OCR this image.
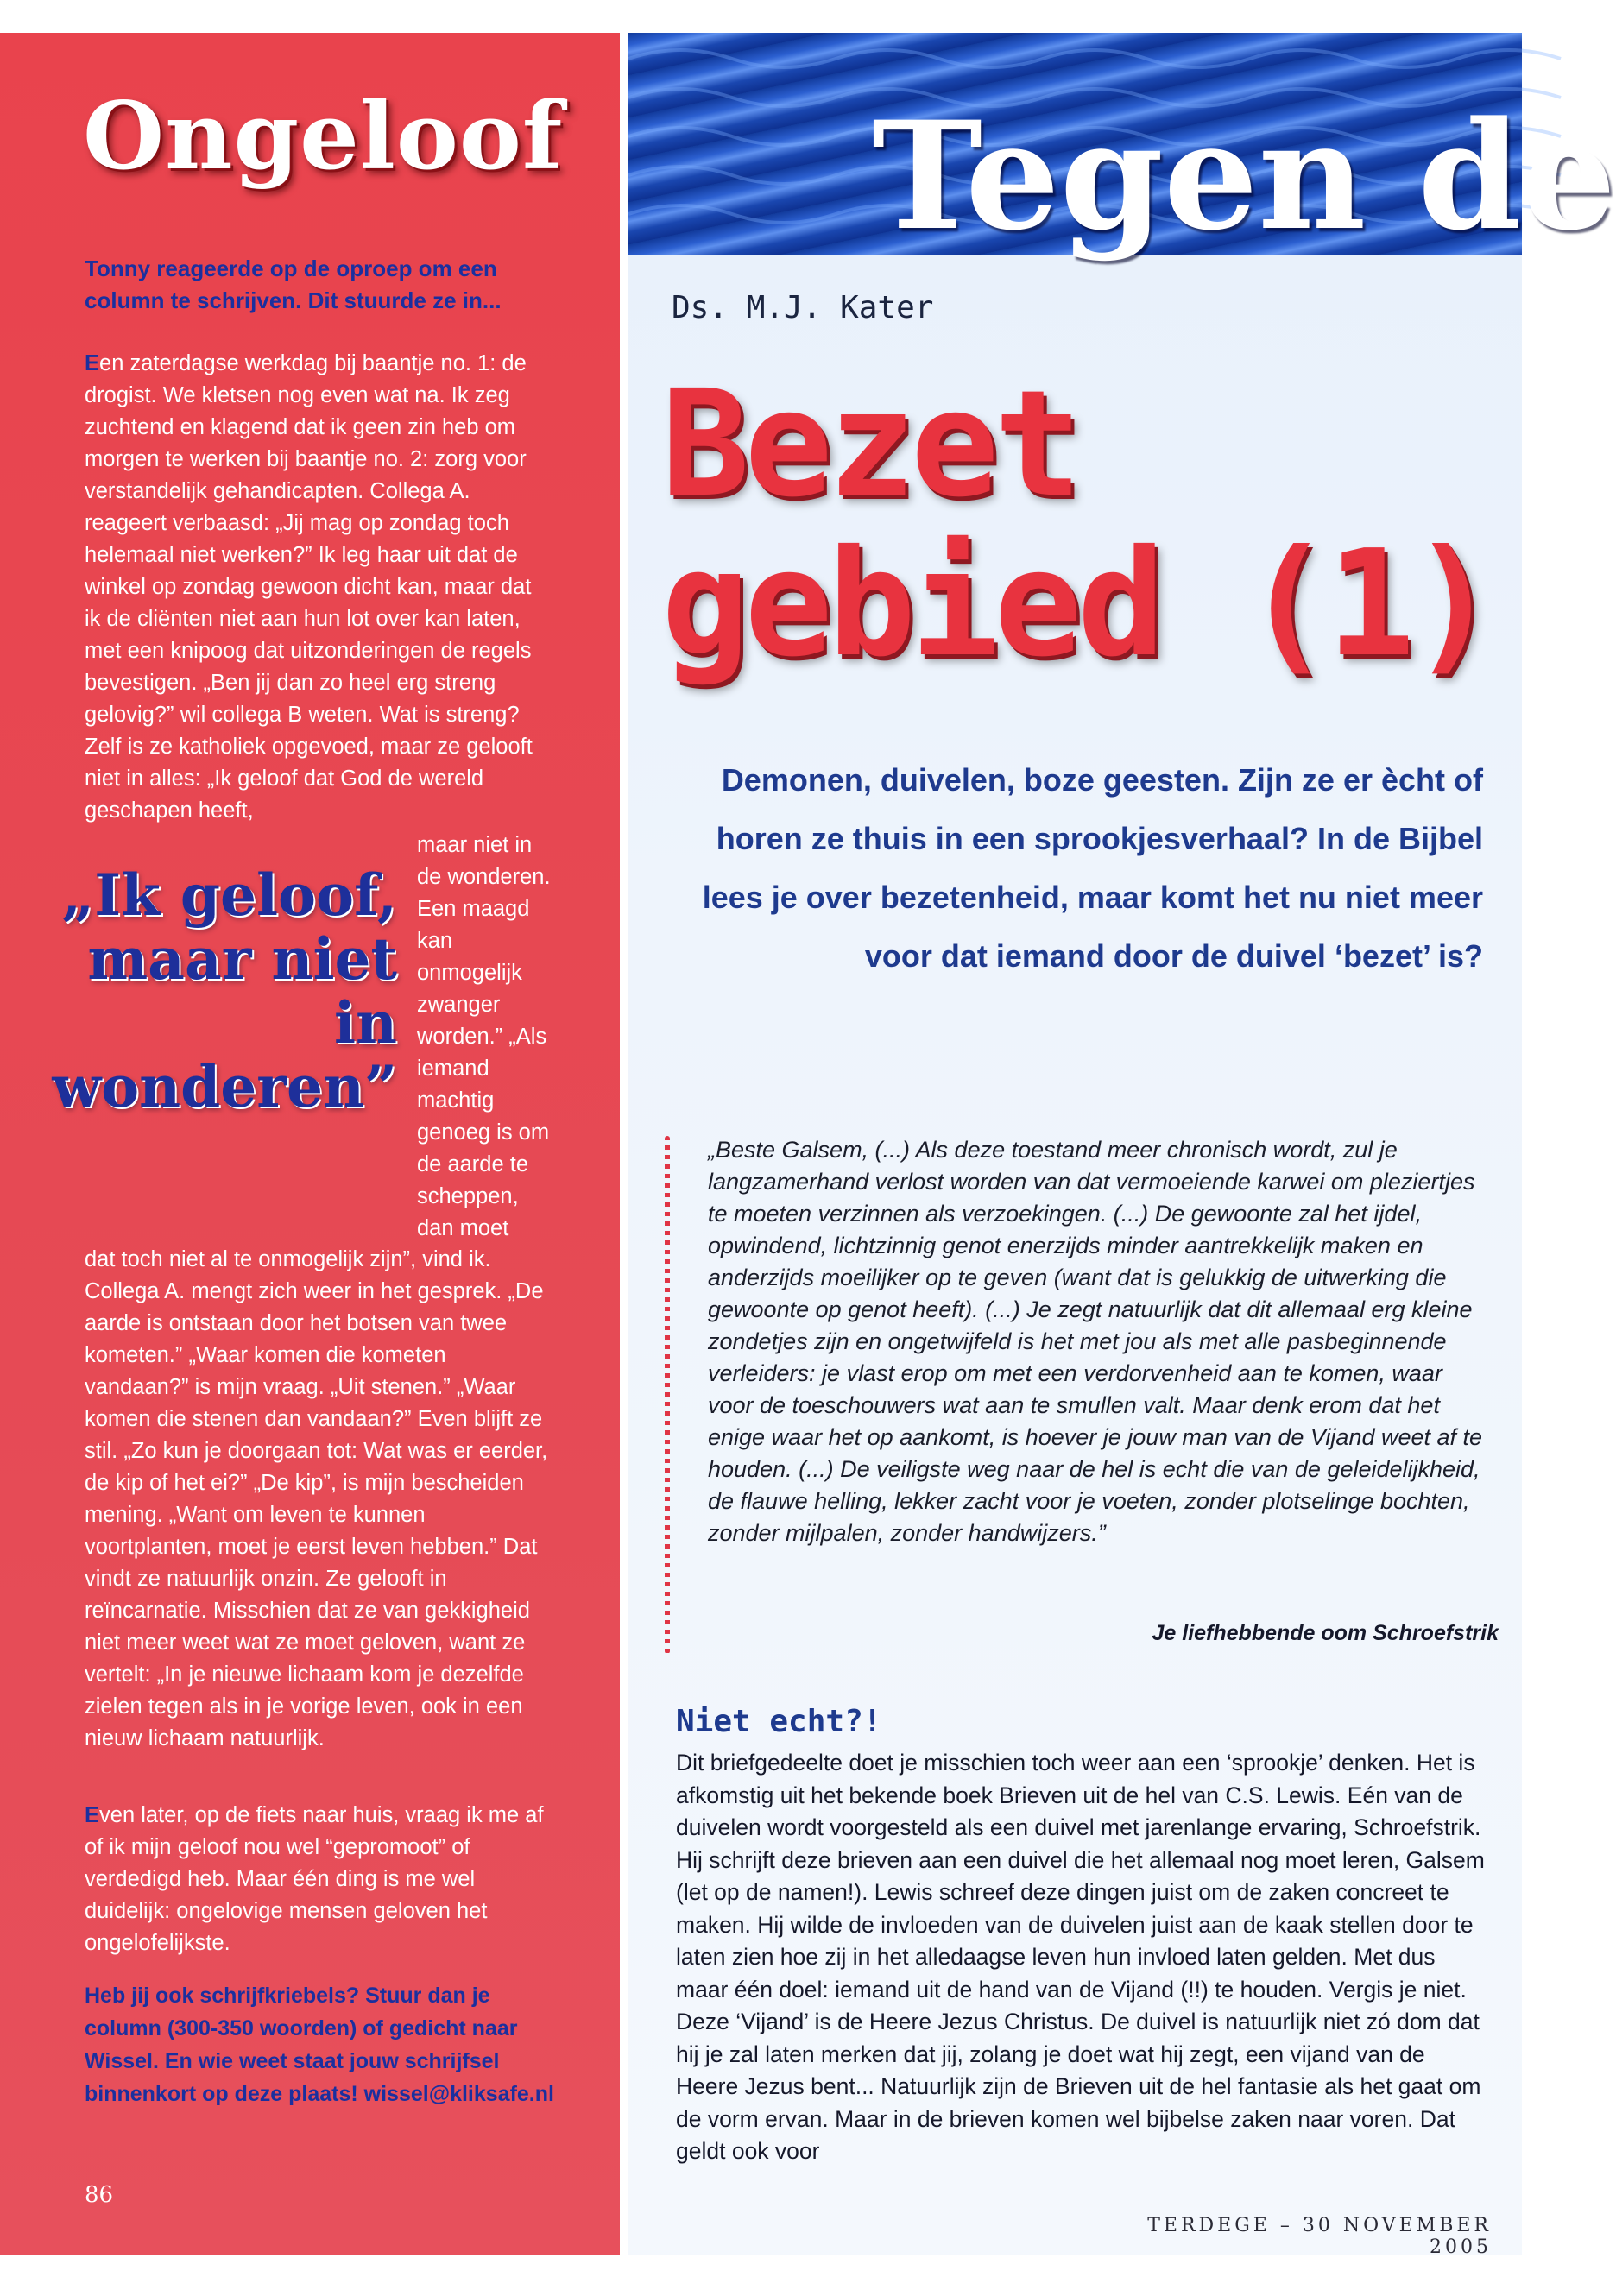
Ongeloof

Tonny reageerde op de oproep om een column te schrijven. Dit stuurde ze in...

Een zaterdagse werkdag bij baantje no. 1: de drogist. We kletsen nog even wat na. Ik zeg zuchtend en klagend dat ik geen zin heb om morgen te werken bij baantje no. 2: zorg voor verstandelijk gehandicapten. Collega A. reageert verbaasd: „Jij mag op zondag toch helemaal niet werken?” Ik leg haar uit dat de winkel op zondag gewoon dicht kan, maar dat ik de cliënten niet aan hun lot over kan laten, met een knipoog dat uitzonderingen de regels bevestigen. „Ben jij dan zo heel erg streng gelovig?” wil collega B weten. Wat is streng? Zelf is ze katholiek opgevoed, maar ze gelooft niet in alles: „Ik geloof dat God de wereld geschapen heeft,

maar niet in de wonderen. Een maagd kan onmogelijk zwanger worden.” „Als iemand machtig genoeg is om de aarde te scheppen, dan moet

„Ik geloof, maar niet in wonderen”

dat toch niet al te onmogelijk zijn”, vind ik. Collega A. mengt zich weer in het gesprek. „De aarde is ontstaan door het botsen van twee kometen.” „Waar komen die kometen vandaan?” is mijn vraag. „Uit stenen.” „Waar komen die stenen dan vandaan?” Even blijft ze stil. „Zo kun je doorgaan tot: Wat was er eerder, de kip of het ei?” „De kip”, is mijn bescheiden mening. „Want om leven te kunnen voortplanten, moet je eerst leven hebben.” Dat vindt ze natuurlijk onzin. Ze gelooft in reïncarnatie. Misschien dat ze van gekkigheid niet meer weet wat ze moet geloven, want ze vertelt: „In je nieuwe lichaam kom je dezelfde zielen tegen als in je vorige leven, ook in een nieuw lichaam natuurlijk.

Even later, op de fiets naar huis, vraag ik me af of ik mijn geloof nou wel “gepromoot” of verdedigd heb. Maar één ding is me wel duidelijk: ongelovige mensen geloven het ongelofelijkste.

Heb jij ook schrijfkriebels? Stuur dan je column (300-350 woorden) of gedicht naar Wissel. En wie weet staat jouw schrijfsel binnenkort op deze plaats! wissel@kliksafe.nl

86
Tegen de

Ds. M.J. Kater

Bezet
gebied (1)

Demonen, duivelen, boze geesten. Zijn ze er ècht of horen ze thuis in een sprookjesverhaal? In de Bijbel lees je over bezetenheid, maar komt het nu niet meer voor dat iemand door de duivel ‘bezet’ is?

„Beste Galsem, (...) Als deze toestand meer chronisch wordt, zul je langzamerhand verlost worden van dat vermoeiende karwei om pleziertjes te moeten verzinnen als verzoekingen. (...) De gewoonte zal het ijdel, opwindend, lichtzinnig genot enerzijds minder aantrekkelijk maken en anderzijds moeilijker op te geven (want dat is gelukkig de uitwerking die gewoonte op genot heeft). (...) Je zegt natuurlijk dat dit allemaal erg kleine zondetjes zijn en ongetwijfeld is het met jou als met alle pasbeginnende verleiders: je vlast erop om met een verdorvenheid aan te komen, waar voor de toeschouwers wat aan te smullen valt. Maar denk erom dat het enige waar het op aankomt, is hoever je jouw man van de Vijand weet af te houden. (...) De veiligste weg naar de hel is echt die van de geleidelijkheid, de flauwe helling, lekker zacht voor je voeten, zonder plotselinge bochten, zonder mijlpalen, zonder handwijzers.”

Je liefhebbende oom Schroefstrik

Niet echt?!

Dit briefgedeelte doet je misschien toch weer aan een ‘sprookje’ denken. Het is afkomstig uit het bekende boek Brieven uit de hel van C.S. Lewis. Eén van de duivelen wordt voorgesteld als een duivel met jarenlange ervaring, Schroefstrik. Hij schrijft deze brieven aan een duivel die het allemaal nog moet leren, Galsem (let op de namen!). Lewis schreef deze dingen juist om de zaken concreet te maken. Hij wilde de invloeden van de duivelen juist aan de kaak stellen door te laten zien hoe zij in het alledaagse leven hun invloed laten gelden. Met dus maar één doel: iemand uit de hand van de Vijand (!!) te houden. Vergis je niet. Deze ‘Vijand’ is de Heere Jezus Christus. De duivel is natuurlijk niet zó dom dat hij je zal laten merken dat jij, zolang je doet wat hij zegt, een vijand van de Heere Jezus bent... Natuurlijk zijn de Brieven uit de hel fantasie als het gaat om de vorm ervan. Maar in de brieven komen wel bijbelse zaken naar voren. Dat geldt ook voor

TERDEGE – 30 NOVEMBER 2005
